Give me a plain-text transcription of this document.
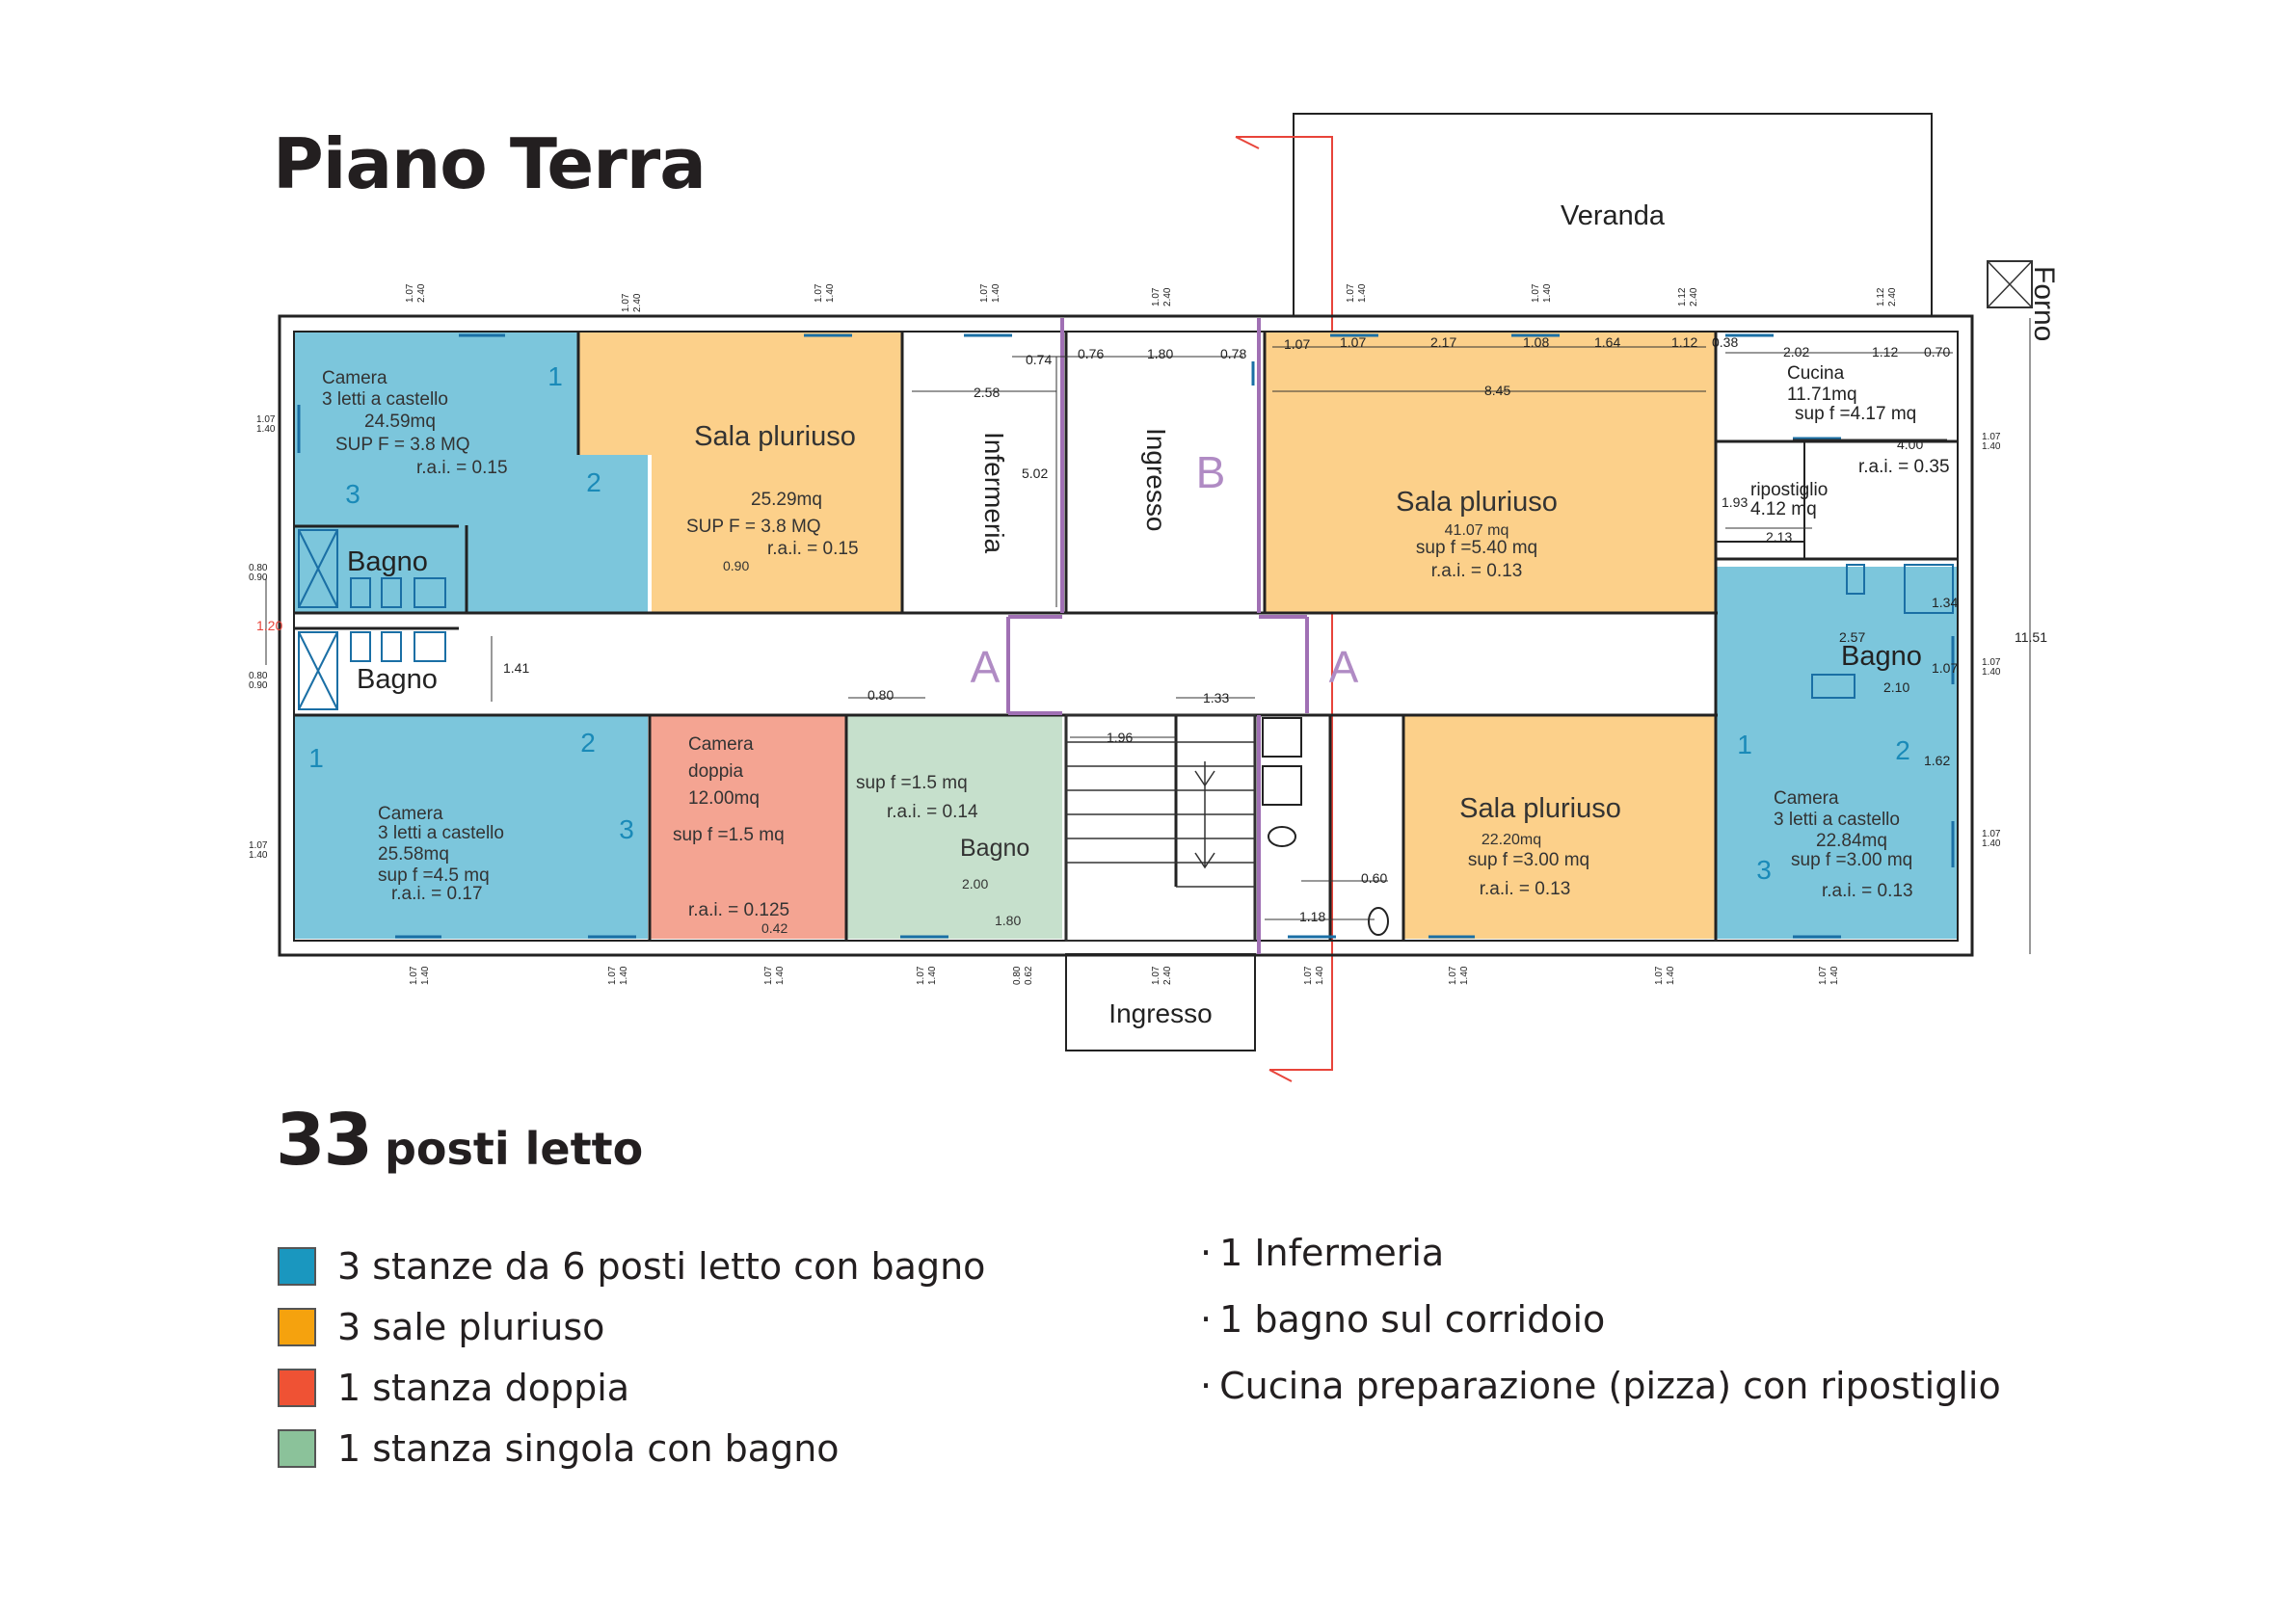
Veranda
Forno
Ingresso
A	A
B
Infermeria	Ingresso
Camera
3 letti a castello
24.59mq
SUP F = 3.8 MQ
r.a.i. = 0.15
1
2
3
Bagno
Bagno
Sala pluriuso
25.29mq
SUP F = 3.8 MQ
r.a.i. = 0.15
0.90
Camera
3 letti a castello
25.58mq
sup f =4.5 mq
r.a.i. = 0.17
1
2
3
Camera
doppia
12.00mq
sup f =1.5 mq
r.a.i. = 0.125
0.42
sup f =1.5 mq
r.a.i. = 0.14
Bagno
2.00
1.80
Sala pluriuso
41.07 mq
sup f =5.40 mq
r.a.i. = 0.13
Cucina
11.71mq
sup f =4.17 mq
r.a.i. = 0.35
4.00
ripostiglio
4.12 mq
1.93
2.13
Sala pluriuso
22.20mq
sup f =3.00 mq
r.a.i. = 0.13
Bagno
2.57
2.10
1.07
1.34
1.62
Camera
3 letti a castello
22.84mq
sup f =3.00 mq
r.a.i. = 0.13
1	2
3
2.58
5.02
0.74 0.76	1.80	0.78
1.07 1.07	2.17	1.08	1.64	1.12 0.38
2.02	1.12 0.70
8.45
1.41
0.80	1.33
1.96
0.60
1.18
11.51
1.20
1.07 2.40
1.07 2.40
1.07 1.40	1.07 1.40	1.07 2.40	1.07 1.40	1.07 1.40	1.12 2.40	1.12 2.40
1.07 1.40	1.07 1.40	1.07 1.40	1.07 1.40	0.80 0.62	1.07 2.40	1.07 1.40	1.07 1.40	1.07 1.40	1.07 1.40
1.07
1.40
0.80
0.90
0.80
0.90
1.07
1.40
1.07
1.40
1.07
1.40
1.07
1.40
Piano Terra
33 posti letto
3 stanze da 6 posti letto con bagno
3 sale pluriuso
1 stanza doppia
1 stanza singola con bagno
· 1 Infermeria
· 1 bagno sul corridoio
· Cucina preparazione (pizza) con ripostiglio
